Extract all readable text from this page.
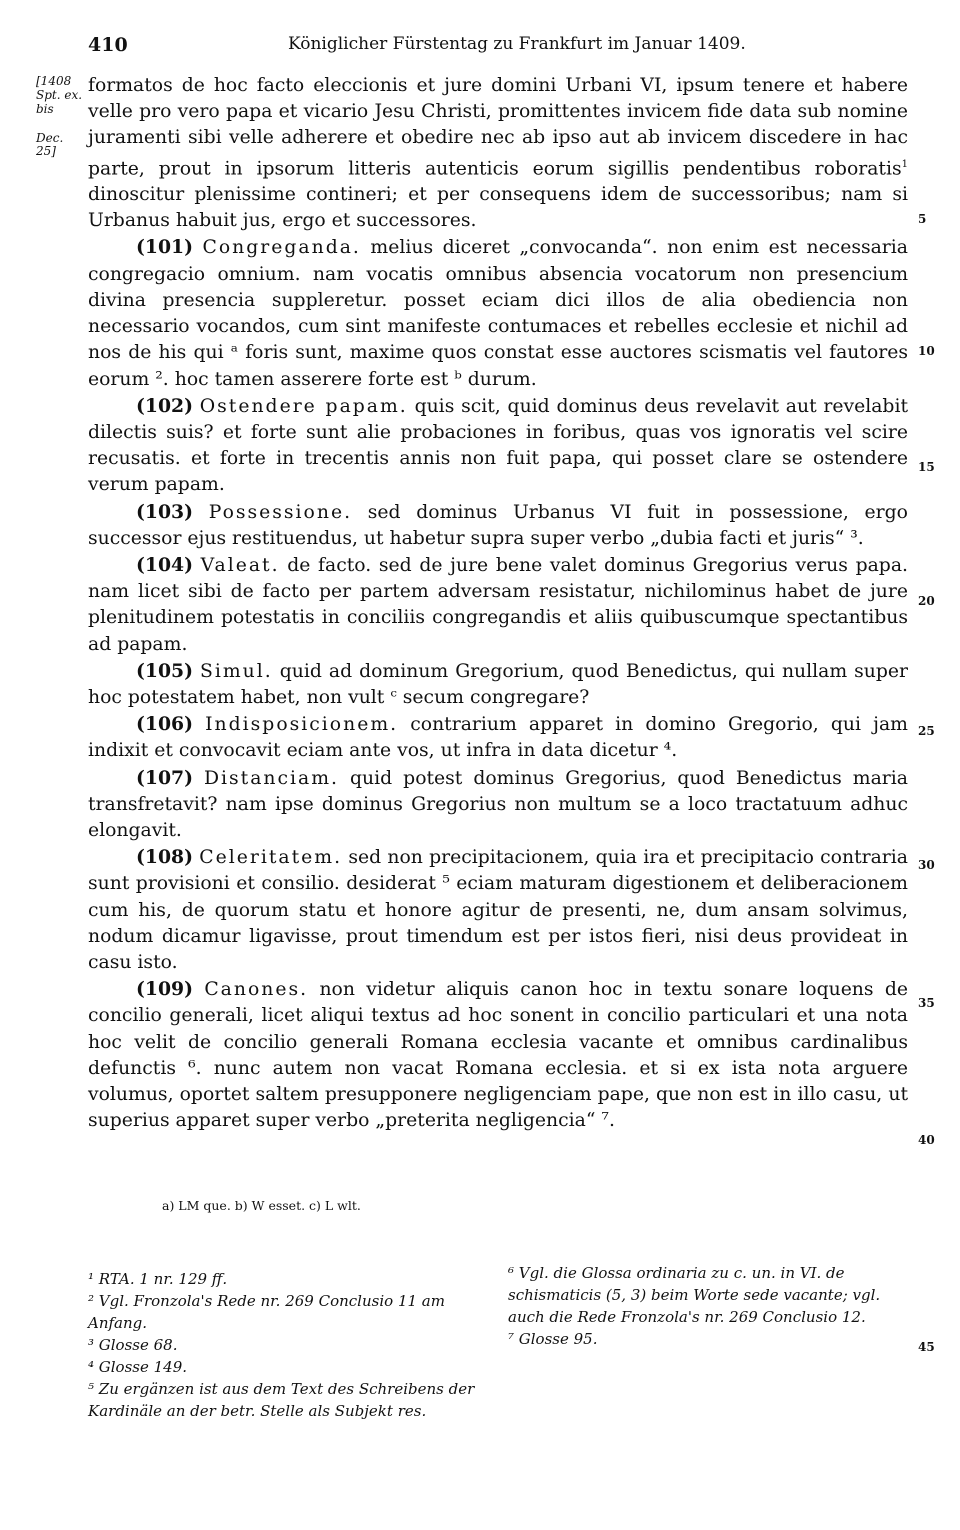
410	Königlicher Fürstentag zu Frankfurt im Januar 1409.
[1408
Spt. ex.
bis
Dec. 25]
5
10
15
20
25
30
35
40
45

formatos de hoc facto eleccionis et jure domini Urbani VI, ipsum tenere et habere velle pro vero papa et vicario Jesu Christi, promittentes invicem fide data sub nomine juramenti sibi velle adherere et obedire nec ab ipso aut ab invicem discedere in hac parte, prout in ipsorum litteris autenticis eorum sigillis pendentibus roboratis$^1$ dinoscitur plenissime contineri; et per consequens idem de successoribus; nam si Urbanus habuit jus, ergo et successores.

(101) Congreganda. melius diceret „convocanda“. non enim est necessaria congregacio omnium. nam vocatis omnibus absencia vocatorum non presencium divina presencia suppleretur. posset eciam dici illos de alia obediencia non necessario vocandos, cum sint manifeste contumaces et rebelles ecclesie et nichil ad nos de his qui ᵃ foris sunt, maxime quos constat esse auctores scismatis vel fautores eorum ². hoc tamen asserere forte est ᵇ durum.

(102) Ostendere papam. quis scit, quid dominus deus revelavit aut revelabit dilectis suis? et forte sunt alie probaciones in foribus, quas vos ignoratis vel scire recusatis. et forte in trecentis annis non fuit papa, qui posset clare se ostendere verum papam.

(103) Possessione. sed dominus Urbanus VI fuit in possessione, ergo successor ejus restituendus, ut habetur supra super verbo „dubia facti et juris“ ³.

(104) Valeat. de facto. sed de jure bene valet dominus Gregorius verus papa. nam licet sibi de facto per partem adversam resistatur, nichilominus habet de jure plenitudinem potestatis in conciliis congregandis et aliis quibuscumque spectantibus ad papam.

(105) Simul. quid ad dominum Gregorium, quod Benedictus, qui nullam super hoc potestatem habet, non vult ᶜ secum congregare?

(106) Indisposicionem. contrarium apparet in domino Gregorio, qui jam indixit et convocavit eciam ante vos, ut infra in data dicetur ⁴.

(107) Distanciam. quid potest dominus Gregorius, quod Benedictus maria transfretavit? nam ipse dominus Gregorius non multum se a loco tractatuum adhuc elongavit.

(108) Celeritatem. sed non precipitacionem, quia ira et precipitacio contraria sunt provisioni et consilio. desiderat ⁵ eciam maturam digestionem et deliberacionem cum his, de quorum statu et honore agitur de presenti, ne, dum ansam solvimus, nodum dicamur ligavisse, prout timendum est per istos fieri, nisi deus provideat in casu isto.

(109) Canones. non videtur aliquis canon hoc in textu sonare loquens de concilio generali, licet aliqui textus ad hoc sonent in concilio particulari et una nota hoc velit de concilio generali Romana ecclesia vacante et omnibus cardinalibus defunctis ⁶. nunc autem non vacat Romana ecclesia. et si ex ista nota arguere volumus, oportet saltem presupponere negligenciam pape, que non est in illo casu, ut superius apparet super verbo „preterita negligencia“ ⁷.

a) LM que. b) W esset. c) L wlt.
¹ RTA. 1 nr. 129 ff.
² Vgl. Fronzola's Rede nr. 269 Conclusio 11 am Anfang.
³ Glosse 68.
⁴ Glosse 149.
⁵ Zu ergänzen ist aus dem Text des Schreibens der Kardinäle an der betr. Stelle als Subjekt res.
⁶ Vgl. die Glossa ordinaria zu c. un. in VI. de schismaticis (5, 3) beim Worte sede vacante; vgl. auch die Rede Fronzola's nr. 269 Conclusio 12.
⁷ Glosse 95.
